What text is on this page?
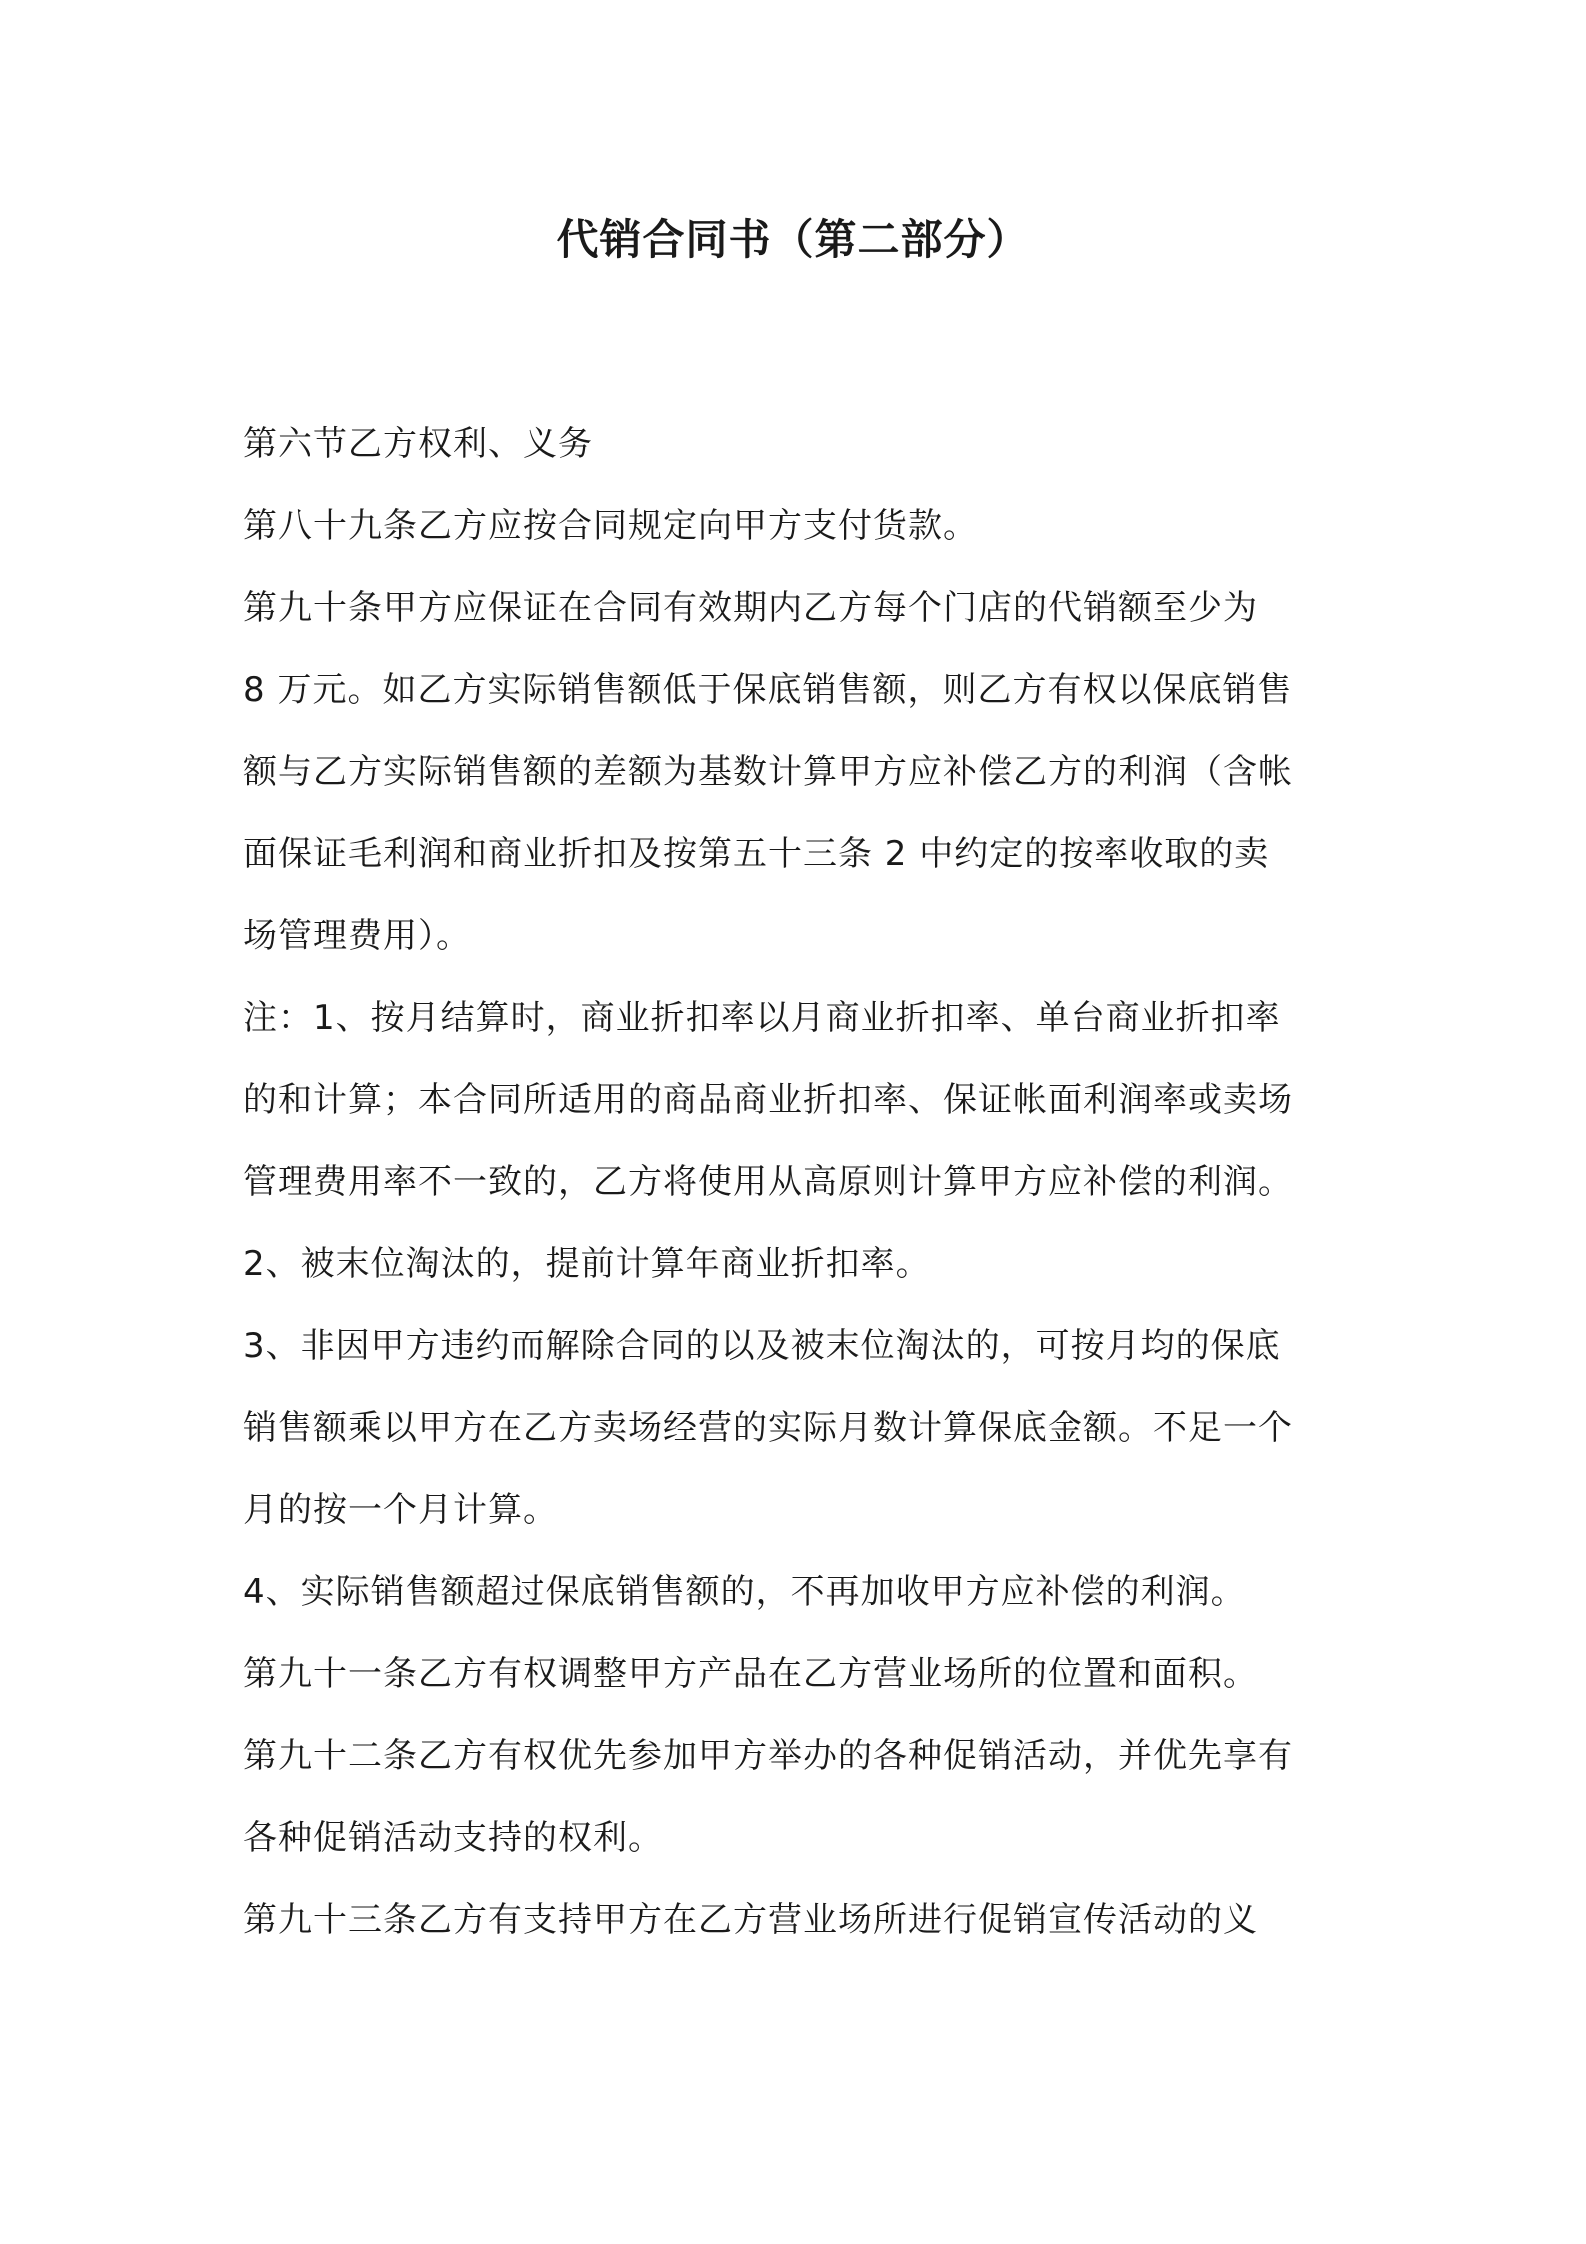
代销合同书（第二部分）
第六节乙方权利、义务
第八十九条乙方应按合同规定向甲方支付货款。
第九十条甲方应保证在合同有效期内乙方每个门店的代销额至少为
8 万元。如乙方实际销售额低于保底销售额，则乙方有权以保底销售
额与乙方实际销售额的差额为基数计算甲方应补偿乙方的利润（含帐
面保证毛利润和商业折扣及按第五十三条 2 中约定的按率收取的卖
场管理费用）。
注：1、按月结算时，商业折扣率以月商业折扣率、单台商业折扣率
的和计算；本合同所适用的商品商业折扣率、保证帐面利润率或卖场
管理费用率不一致的，乙方将使用从高原则计算甲方应补偿的利润。
2、被末位淘汰的，提前计算年商业折扣率。
3、非因甲方违约而解除合同的以及被末位淘汰的，可按月均的保底
销售额乘以甲方在乙方卖场经营的实际月数计算保底金额。不足一个
月的按一个月计算。
4、实际销售额超过保底销售额的，不再加收甲方应补偿的利润。
第九十一条乙方有权调整甲方产品在乙方营业场所的位置和面积。
第九十二条乙方有权优先参加甲方举办的各种促销活动，并优先享有
各种促销活动支持的权利。
第九十三条乙方有支持甲方在乙方营业场所进行促销宣传活动的义
